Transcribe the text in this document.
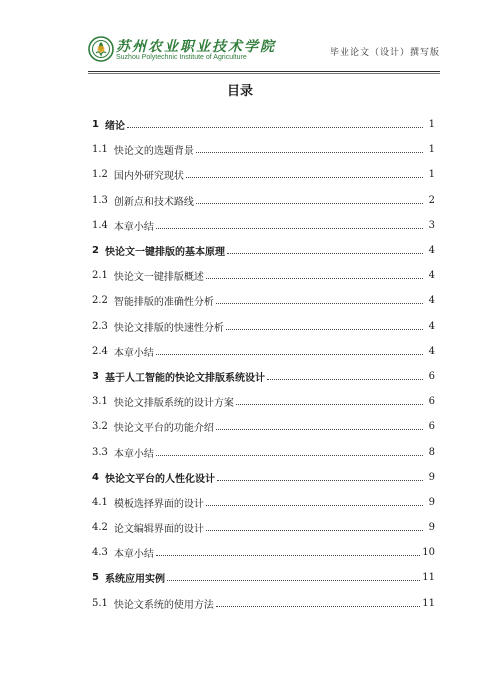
苏州农业职业技术学院
Suzhou Polytechnic Institute of Agriculture	毕业论文（设计）撰写版
目录
1 绪论	1
1.1 快论文的选题背景	1
1.2 国内外研究现状	1
1.3 创新点和技术路线	2
1.4 本章小结	3
2 快论文一键排版的基本原理	4
2.1 快论文一键排版概述	4
2.2 智能排版的准确性分析	4
2.3 快论文排版的快速性分析	4
2.4 本章小结	4
3 基于人工智能的快论文排版系统设计	6
3.1 快论文排版系统的设计方案	6
3.2 快论文平台的功能介绍	6
3.3 本章小结	8
4 快论文平台的人性化设计	9
4.1 模板选择界面的设计	9
4.2 论文编辑界面的设计	9
4.3 本章小结	10
5 系统应用实例	11
5.1 快论文系统的使用方法	11
